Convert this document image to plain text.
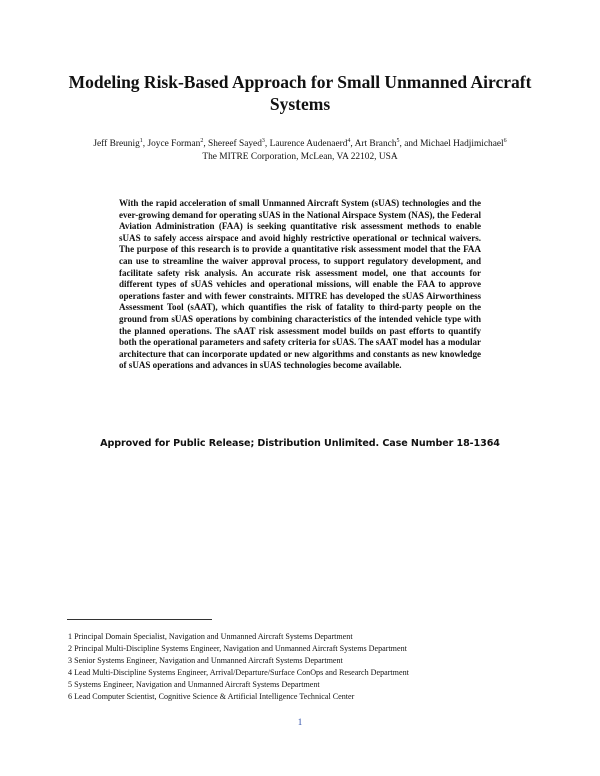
Modeling Risk-Based Approach for Small Unmanned Aircraft Systems
Jeff Breunig$^1$, Joyce Forman$^2$, Shereef Sayed$^3$, Laurence Audenaerd$^4$, Art Branch$^5$, and Michael Hadjimichael$^6$
The MITRE Corporation, McLean, VA 22102, USA

With the rapid acceleration of small Unmanned Aircraft System (sUAS) technologies and the ever-growing demand for operating sUAS in the National Airspace System (NAS), the Federal Aviation Administration (FAA) is seeking quantitative risk assessment methods to enable sUAS to safely access airspace and avoid highly restrictive operational or technical waivers. The purpose of this research is to provide a quantitative risk assessment model that the FAA can use to streamline the waiver approval process, to support regulatory development, and facilitate safety risk analysis. An accurate risk assessment model, one that accounts for different types of sUAS vehicles and operational missions, will enable the FAA to approve operations faster and with fewer constraints. MITRE has developed the sUAS Airworthiness Assessment Tool (sAAT), which quantifies the risk of fatality to third-party people on the ground from sUAS operations by combining characteristics of the intended vehicle type with the planned operations. The sAAT risk assessment model builds on past efforts to quantify both the operational parameters and safety criteria for sUAS. The sAAT model has a modular architecture that can incorporate updated or new algorithms and constants as new knowledge of sUAS operations and advances in sUAS technologies become available.

Approved for Public Release; Distribution Unlimited. Case Number 18-1364

1 Principal Domain Specialist, Navigation and Unmanned Aircraft Systems Department
2 Principal Multi-Discipline Systems Engineer, Navigation and Unmanned Aircraft Systems Department
3 Senior Systems Engineer, Navigation and Unmanned Aircraft Systems Department
4 Lead Multi-Discipline Systems Engineer, Arrival/Departure/Surface ConOps and Research Department
5 Systems Engineer, Navigation and Unmanned Aircraft Systems Department
6 Lead Computer Scientist, Cognitive Science & Artificial Intelligence Technical Center
1
